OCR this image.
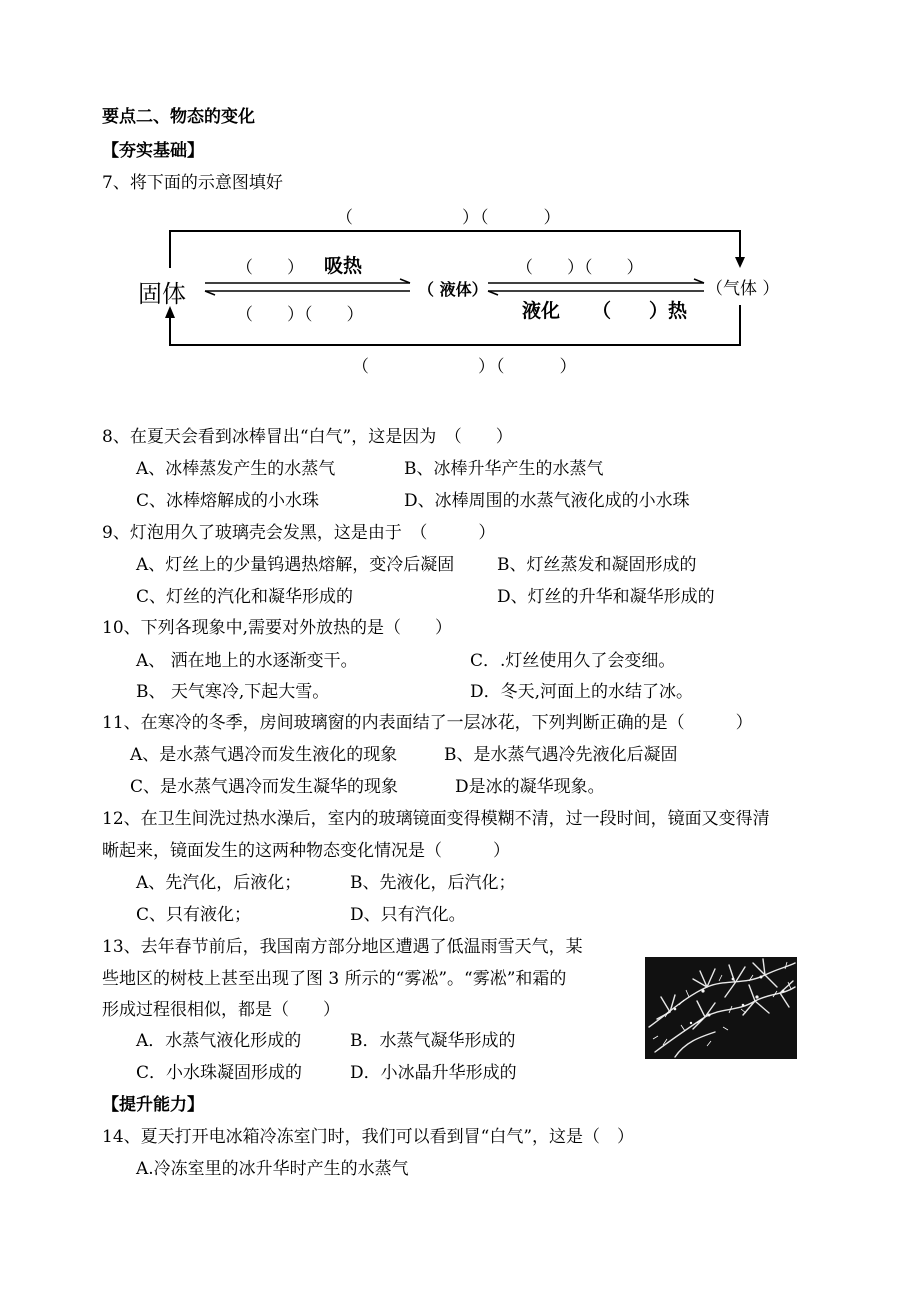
要点二、物态的变化
【夯实基础】
7、将下面的示意图填好
（　　　　　　）（　　　）
固体
（　　） 吸热
（　　）（　　）
（ 液体）
（　　）（　　）
液化 （　　）热
（气体 ）
（　　　　　　）（　　　）
8、在夏天会看到冰棒冒出“白气”，这是因为　（　　）
A、冰棒蒸发产生的水蒸气	B、冰棒升华产生的水蒸气
C、冰棒熔解成的小水珠	D、冰棒周围的水蒸气液化成的小水珠
9、灯泡用久了玻璃壳会发黑，这是由于　（　　　）
A、灯丝上的少量钨遇热熔解，变冷后凝固	B、灯丝蒸发和凝固形成的
C、灯丝的汽化和凝华形成的	D、灯丝的升华和凝华形成的
10、下列各现象中,需要对外放热的是（　　）
A、 洒在地上的水逐渐变干。	C．.灯丝使用久了会变细。
B、 天气寒冷,下起大雪。	D．冬天,河面上的水结了冰。
11、在寒冷的冬季，房间玻璃窗的内表面结了一层冰花，下列判断正确的是（　　　）
A、是水蒸气遇冷而发生液化的现象	B、是水蒸气遇冷先液化后凝固
C、是水蒸气遇冷而发生凝华的现象	D是冰的凝华现象。
12、在卫生间洗过热水澡后，室内的玻璃镜面变得模糊不清，过一段时间，镜面又变得清
晰起来，镜面发生的这两种物态变化情况是（　　　）
A、先汽化，后液化；	B、先液化，后汽化；
C、只有液化；	D、只有汽化。
13、去年春节前后，我国南方部分地区遭遇了低温雨雪天气，某
些地区的树枝上甚至出现了图 3 所示的“雾凇”。“雾凇”和霜的
形成过程很相似，都是（　　）
A．水蒸气液化形成的	B．水蒸气凝华形成的
C．小水珠凝固形成的	D．小冰晶升华形成的
【提升能力】
14、夏天打开电冰箱冷冻室门时，我们可以看到冒“白气”，这是（　）
A.冷冻室里的冰升华时产生的水蒸气
